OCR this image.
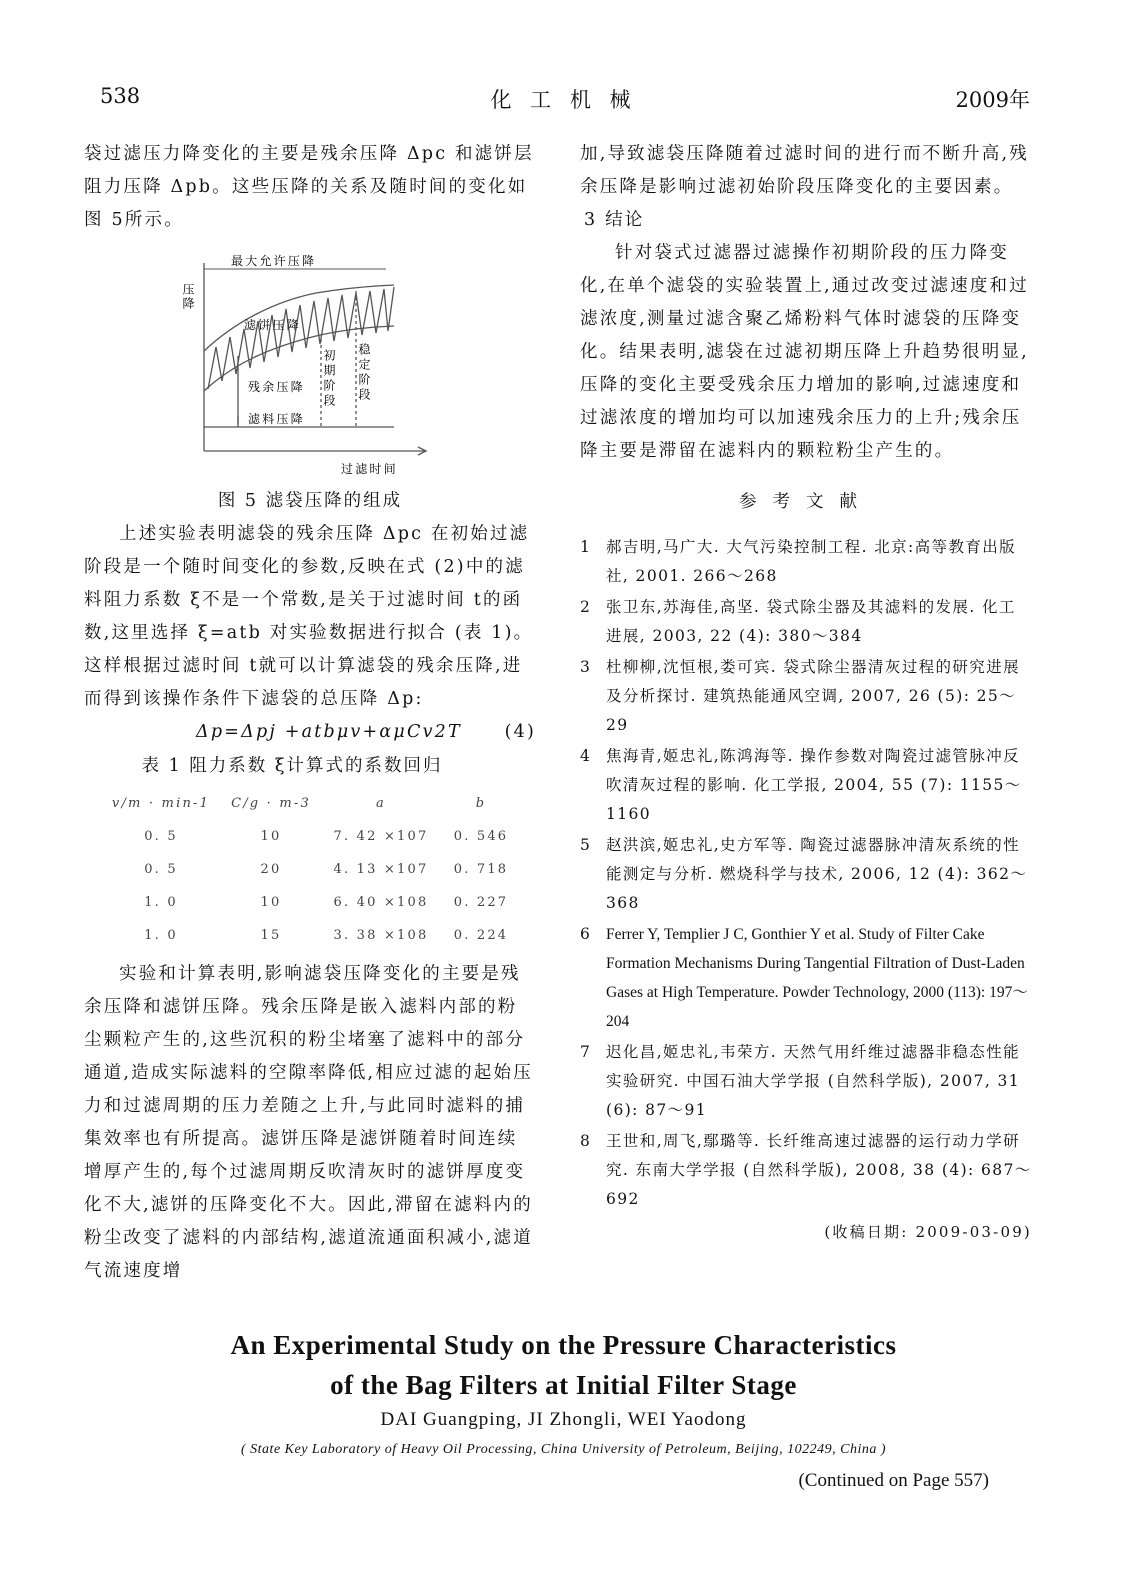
538	化 工 机 械	2009年

袋过滤压力降变化的主要是残余压降 Δpc 和滤饼层阻力压降 Δpb。这些压降的关系及随时间的变化如图 5所示。

压降
最大允许压降
滤饼压降
残余压降
滤料压降
初期阶段 稳定阶段
过滤时间
图 5 滤袋压降的组成

上述实验表明滤袋的残余压降 Δpc 在初始过滤阶段是一个随时间变化的参数,反映在式 (2)中的滤料阻力系数 ξ不是一个常数,是关于过滤时间 t的函数,这里选择 ξ=atb 对实验数据进行拟合 (表 1)。这样根据过滤时间 t就可以计算滤袋的残余压降,进而得到该操作条件下滤袋的总压降 Δp:

Δp=Δpj +atbμv+αμCv2T (4)
表 1 阻力系数 ξ计算式的系数回归
v/m · min-1	C/g · m-3	a	b
0. 5	10	7. 42 ×107	0. 546
0. 5	20	4. 13 ×107	0. 718
1. 0	10	6. 40 ×108	0. 227
1. 0	15	3. 38 ×108	0. 224

实验和计算表明,影响滤袋压降变化的主要是残余压降和滤饼压降。残余压降是嵌入滤料内部的粉尘颗粒产生的,这些沉积的粉尘堵塞了滤料中的部分通道,造成实际滤料的空隙率降低,相应过滤的起始压力和过滤周期的压力差随之上升,与此同时滤料的捕集效率也有所提高。滤饼压降是滤饼随着时间连续增厚产生的,每个过滤周期反吹清灰时的滤饼厚度变化不大,滤饼的压降变化不大。因此,滞留在滤料内的粉尘改变了滤料的内部结构,滤道流通面积减小,滤道气流速度增

加,导致滤袋压降随着过滤时间的进行而不断升高,残余压降是影响过滤初始阶段压降变化的主要因素。

3 结论

针对袋式过滤器过滤操作初期阶段的压力降变化,在单个滤袋的实验装置上,通过改变过滤速度和过滤浓度,测量过滤含聚乙烯粉料气体时滤袋的压降变化。结果表明,滤袋在过滤初期压降上升趋势很明显,压降的变化主要受残余压力增加的影响,过滤速度和过滤浓度的增加均可以加速残余压力的上升;残余压降主要是滞留在滤料内的颗粒粉尘产生的。

参考文献
1 郝吉明,马广大. 大气污染控制工程. 北京:高等教育出版社, 2001. 266～268
2 张卫东,苏海佳,高坚. 袋式除尘器及其滤料的发展. 化工进展, 2003, 22 (4): 380～384
3 杜柳柳,沈恒根,娄可宾. 袋式除尘器清灰过程的研究进展及分析探讨. 建筑热能通风空调, 2007, 26 (5): 25～29
4 焦海青,姬忠礼,陈鸿海等. 操作参数对陶瓷过滤管脉冲反吹清灰过程的影响. 化工学报, 2004, 55 (7): 1155～1160
5 赵洪滨,姬忠礼,史方军等. 陶瓷过滤器脉冲清灰系统的性能测定与分析. 燃烧科学与技术, 2006, 12 (4): 362～368
6 Ferrer Y, Templier J C, Gonthier Y et al. Study of Filter Cake Formation Mechanisms During Tangential Filtration of Dust-Laden Gases at High Temperature. Powder Technology, 2000 (113): 197～204
7 迟化昌,姬忠礼,韦荣方. 天然气用纤维过滤器非稳态性能实验研究. 中国石油大学学报 (自然科学版), 2007, 31 (6): 87～91
8 王世和,周飞,鄢璐等. 长纤维高速过滤器的运行动力学研究. 东南大学学报 (自然科学版), 2008, 38 (4): 687～692
(收稿日期: 2009-03-09)
An Experimental Study on the Pressure Characteristics
of the Bag Filters at Initial Filter Stage
DAI Guangping, JI Zhongli, WEI Yaodong
( State Key Laboratory of Heavy Oil Processing, China University of Petroleum, Beijing, 102249, China )
(Continued on Page 557)
